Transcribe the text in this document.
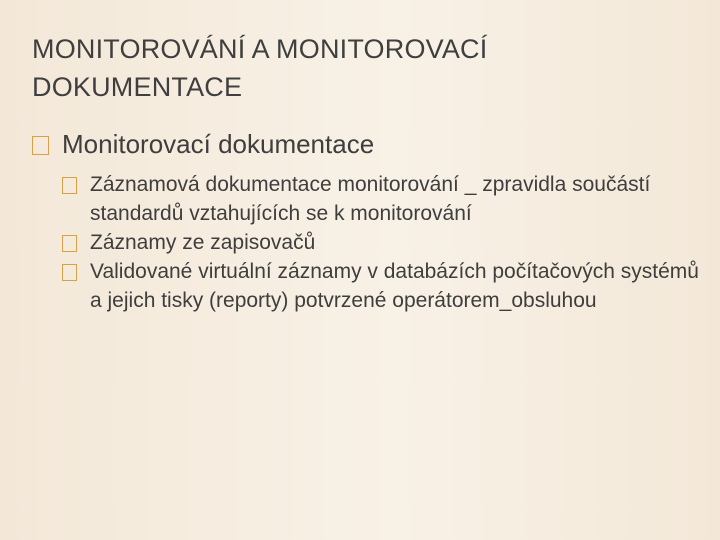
MONITOROVÁNÍ A MONITOROVACÍ DOKUMENTACE
Monitorovací dokumentace
Záznamová dokumentace monitorování _ zpravidla součástí standardů vztahujících se k monitorování
Záznamy ze zapisovačů
Validované virtuální záznamy v databázích počítačových systémů a jejich tisky (reporty) potvrzené operátorem_obsluhou
